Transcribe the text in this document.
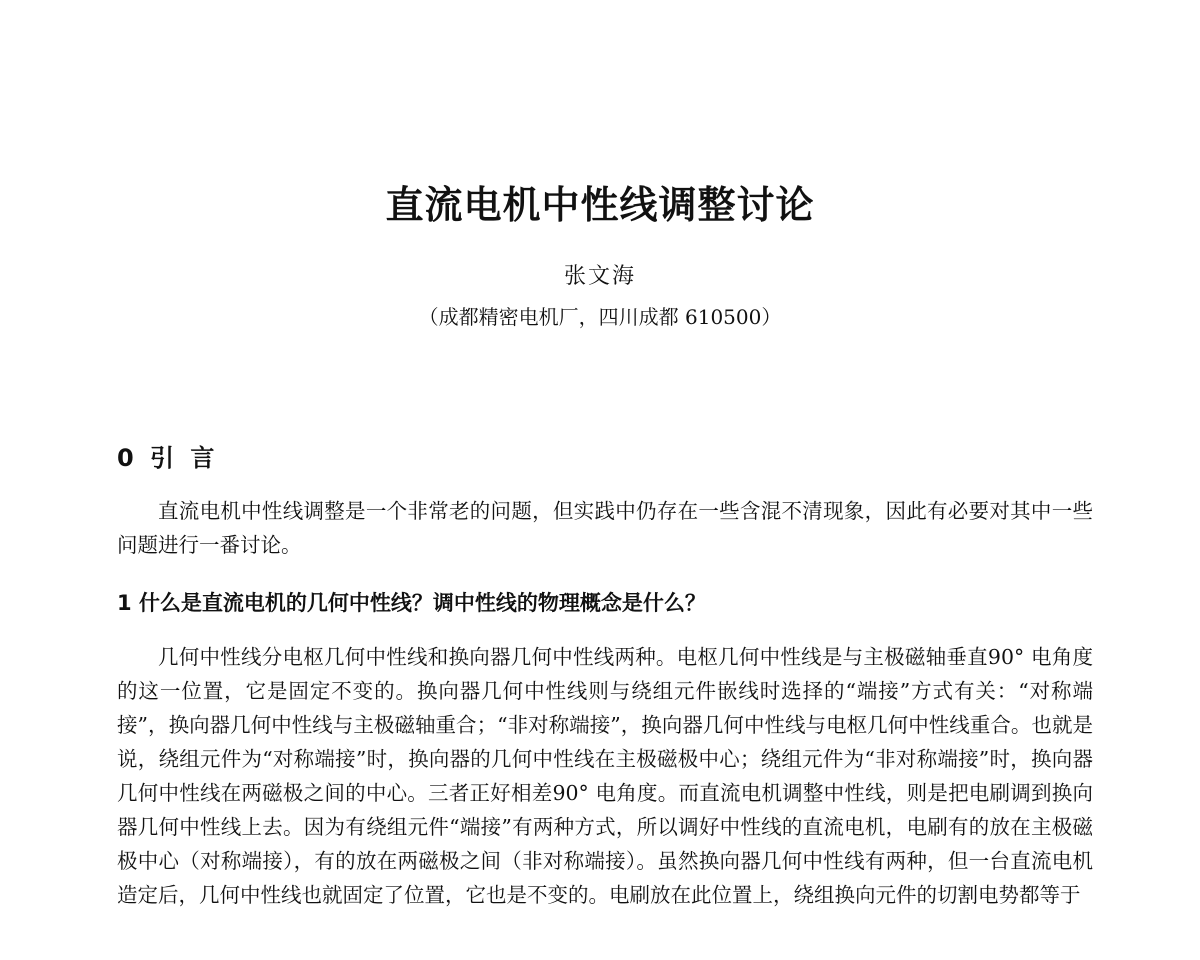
直流电机中性线调整讨论
张文海
（成都精密电机厂，四川成都 610500）
0 引 言

直流电机中性线调整是一个非常老的问题，但实践中仍存在一些含混不清现象，因此有必要对其中一些问题进行一番讨论。

1 什么是直流电机的几何中性线？调中性线的物理概念是什么？

几何中性线分电枢几何中性线和换向器几何中性线两种。电枢几何中性线是与主极磁轴垂直90° 电角度的这一位置，它是固定不变的。换向器几何中性线则与绕组元件嵌线时选择的“端接”方式有关：“对称端接”，换向器几何中性线与主极磁轴重合；“非对称端接”，换向器几何中性线与电枢几何中性线重合。也就是说，绕组元件为“对称端接”时，换向器的几何中性线在主极磁极中心；绕组元件为“非对称端接”时，换向器几何中性线在两磁极之间的中心。三者正好相差90° 电角度。而直流电机调整中性线，则是把电刷调到换向器几何中性线上去。因为有绕组元件“端接”有两种方式，所以调好中性线的直流电机，电刷有的放在主极磁极中心（对称端接），有的放在两磁极之间（非对称端接）。虽然换向器几何中性线有两种，但一台直流电机造定后，几何中性线也就固定了位置，它也是不变的。电刷放在此位置上，绕组换向元件的切割电势都等于
